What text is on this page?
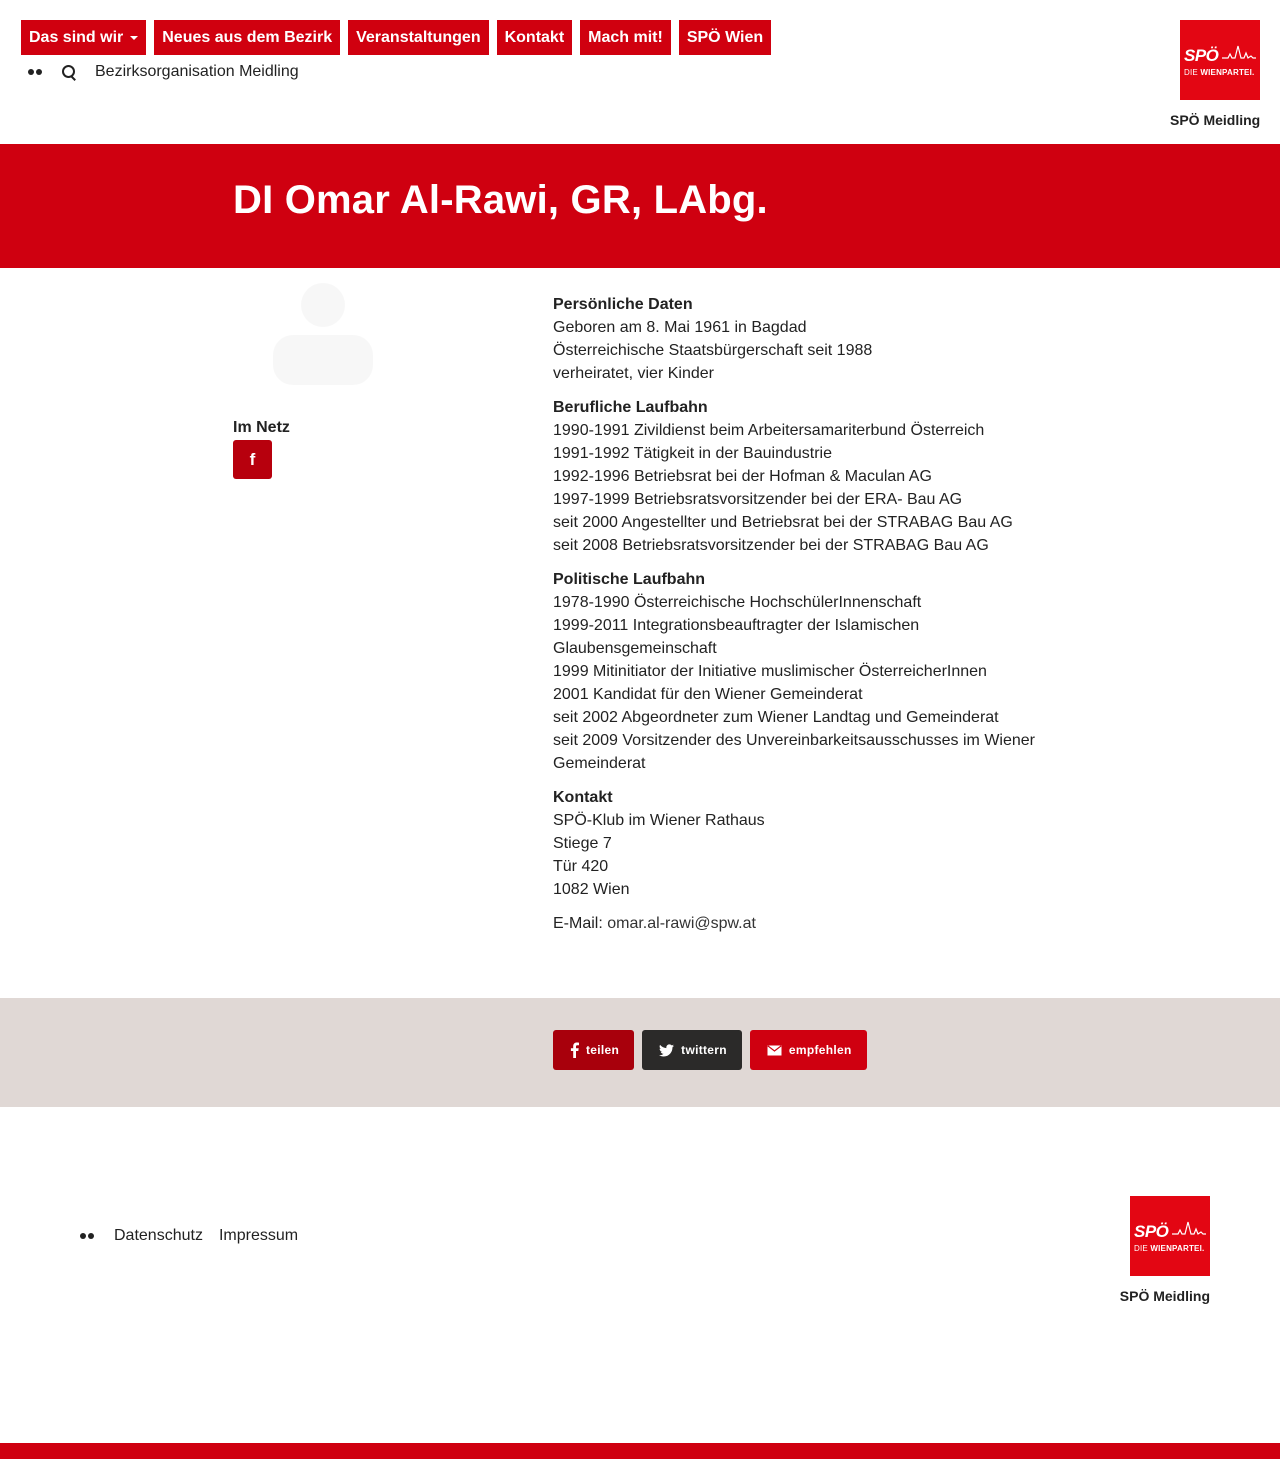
Das sind wir	Neues aus dem Bezirk	Veranstaltungen	Kontakt	Mach mit!	SPÖ Wien
Bezirksorganisation Meidling
SPÖ
DIE WIENPARTEI.
SPÖ Meidling
DI Omar Al-Rawi, GR, LAbg.
Im Netz
f
Persönliche Daten

Geboren am 8. Mai 1961 in Bagdad

Österreichische Staatsbürgerschaft seit 1988

verheiratet, vier Kinder

Berufliche Laufbahn

1990-1991 Zivildienst beim Arbeitersamariterbund Österreich

1991-1992 Tätigkeit in der Bauindustrie

1992-1996 Betriebsrat bei der Hofman & Maculan AG

1997-1999 Betriebsratsvorsitzender bei der ERA- Bau AG

seit 2000 Angestellter und Betriebsrat bei der STRABAG Bau AG

seit 2008 Betriebsratsvorsitzender bei der STRABAG Bau AG

Politische Laufbahn

1978-1990 Österreichische HochschülerInnenschaft

1999-2011 Integrationsbeauftragter der Islamischen Glaubensgemeinschaft

1999 Mitinitiator der Initiative muslimischer ÖsterreicherInnen

2001 Kandidat für den Wiener Gemeinderat

seit 2002 Abgeordneter zum Wiener Landtag und Gemeinderat

seit 2009 Vorsitzender des Unvereinbarkeitsausschusses im Wiener Gemeinderat

Kontakt

SPÖ-Klub im Wiener Rathaus

Stiege 7

Tür 420

1082 Wien

E-Mail: omar.al-rawi@spw.at

teilen	twittern	empfehlen
Datenschutz Impressum	SPÖ
DIE WIENPARTEI.
SPÖ Meidling
